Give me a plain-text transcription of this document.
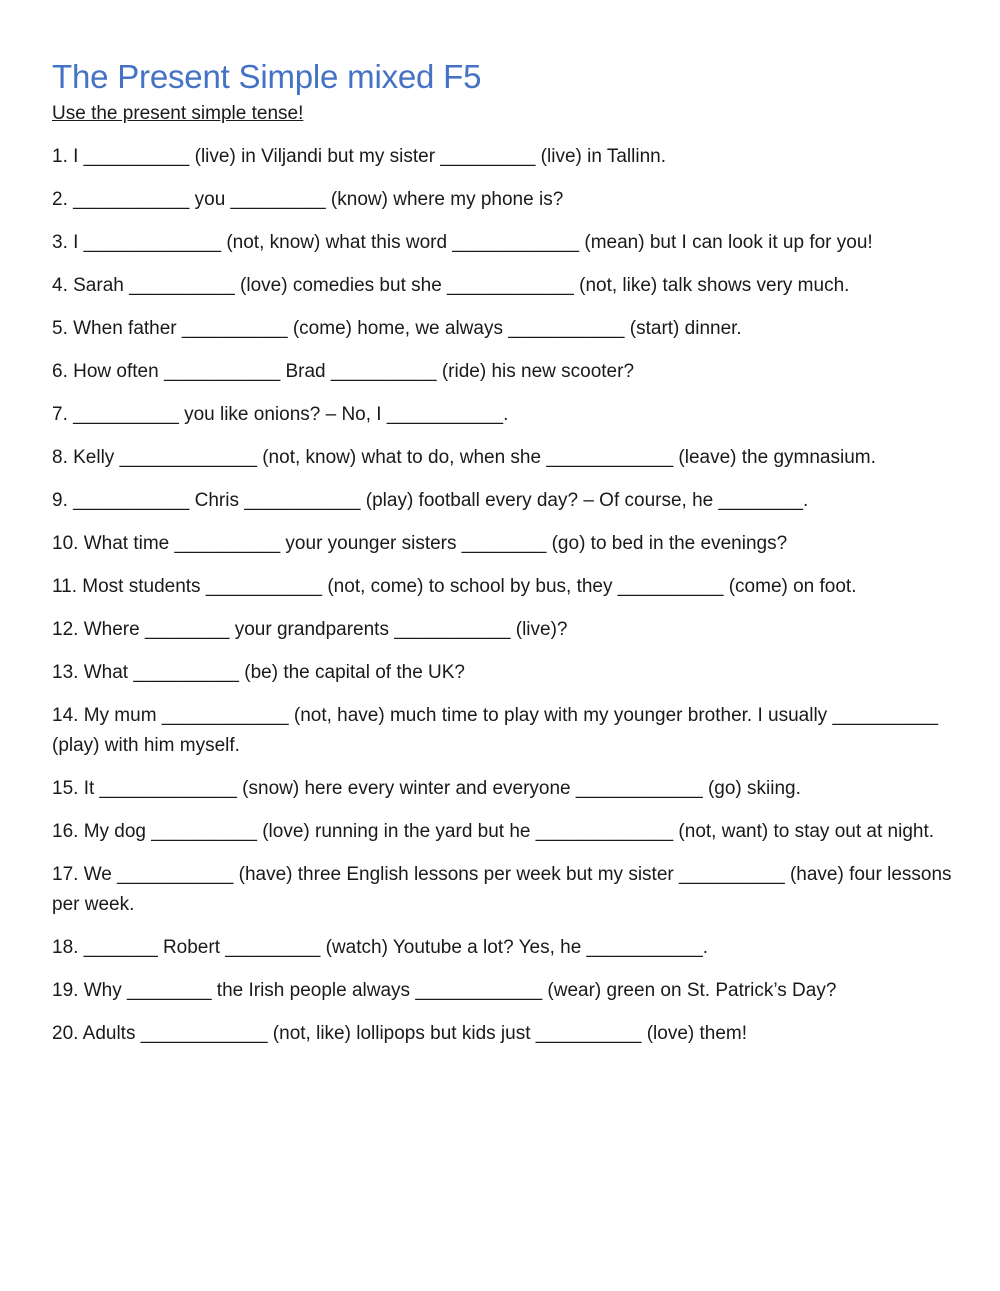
The Present Simple mixed F5
Use the present simple tense!
1. I __________ (live) in Viljandi but my sister _________ (live) in Tallinn.
2. ___________ you _________ (know) where my phone is?
3. I _____________ (not, know) what this word ____________ (mean) but I can look it up for you!
4. Sarah __________ (love) comedies but she ____________ (not, like) talk shows very much.
5. When father __________ (come) home, we always ___________ (start) dinner.
6. How often ___________ Brad __________ (ride) his new scooter?
7. __________ you like onions? – No, I ___________.
8. Kelly _____________ (not, know) what to do, when she ____________ (leave) the gymnasium.
9. ___________ Chris ___________ (play) football every day? – Of course, he ________.
10. What time __________ your younger sisters ________ (go) to bed in the evenings?
11. Most students ___________ (not, come) to school by bus, they __________ (come) on foot.
12. Where ________ your grandparents ___________ (live)?
13. What __________ (be) the capital of the UK?
14. My mum ____________ (not, have) much time to play with my younger brother. I usually __________ (play) with him myself.
15. It _____________ (snow) here every winter and everyone ____________ (go) skiing.
16. My dog __________ (love) running in the yard but he _____________ (not, want) to stay out at night.
17. We ___________ (have) three English lessons per week but my sister __________ (have) four lessons per week.
18. _______ Robert _________ (watch) Youtube a lot? Yes, he ___________.
19. Why ________ the Irish people always ____________ (wear) green on St. Patrick’s Day?
20. Adults ____________ (not, like) lollipops but kids just __________ (love) them!
